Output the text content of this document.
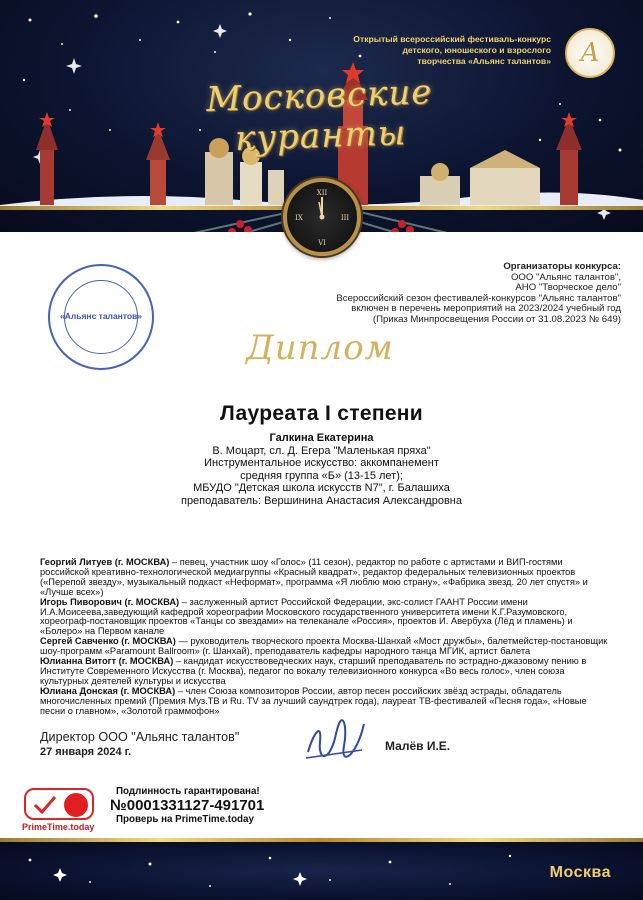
Открытый всероссийский фестиваль-конкурс
детского, юношеского и взрослого
творчества «Альянс талантов»	A
Московские куранты
XII
III
VI
IX
Организаторы конкурса:
ООО "Альянс талантов",
АНО "Творческое дело"
Всероссийский сезон фестивалей-конкурсов "Альянс талантов"
включен в перечень мероприятий на 2023/2024 учебный год
(Приказ Минпросвещения России от 31.08.2023 № 649)
«Альянс талантов»
Диплом
Лауреата I степени
Галкина Екатерина
В. Моцарт, сл. Д. Егера "Маленькая пряха"
Инструментальное искусство: аккомпанемент
средняя группа «Б» (13-15 лет);
МБУДО "Детская школа искусств N7", г. Балашиха
преподаватель: Вершинина Анастасия Александровна

Георгий Литуев (г. МОСКВА) – певец, участник шоу «Голос» (11 сезон), редактор по работе с артистами и ВИП-гостями российской креативно-технологической медиагруппы «Красный квадрат», редактор федеральных телевизионных проектов («Перепой звезду», музыкальный подкаст «Неформат», программа «Я люблю мою страну», «Фабрика звезд. 20 лет спустя» и «Лучше всех»)

Игорь Пиворович (г. МОСКВА) – заслуженный артист Российской Федерации, экс-солист ГААНТ России имени И.А.Моисеева,заведующий кафедрой хореографии Московского государственного университета имени К.Г.Разумовского, хореограф-постановщик проектов «Танцы со звездами» на телеканале «Россия», проектов И. Авербуха (Лёд и пламень) и «Болеро» на Первом канале

Сергей Савченко (г. МОСКВА) — руководитель творческого проекта Москва-Шанхай «Мост дружбы», балетмейстер-постановщик шоу-программ «Paramount Ballroom» (г. Шанхай), преподаватель кафедры народного танца МГИК, артист балета

Юлианна Витогт (г. МОСКВА) – кандидат искусствоведческих наук, старший преподаватель по эстрадно-джазовому пению в Институте Современного Искусства (г. Москва), педагог по вокалу телевизионного конкурса «Во весь голос», член союза культурных деятелей культуры и искусства

Юлиана Донская (г. МОСКВА) – член Союза композиторов России, автор песен российских звёзд эстрады, обладатель многочисленных премий (Премия Муз.ТВ и Ru. TV за лучший саундтрек года), лауреат ТВ-фестивалей «Песня года», «Новые песни о главном», «Золотой граммофон»

Директор ООО "Альянс талантов"
27 января 2024 г.	Малёв И.Е.
PrimeTime.today
Подлинность гарантирована!
№0001331127-491701
Проверь на PrimeTime.today
Москва
